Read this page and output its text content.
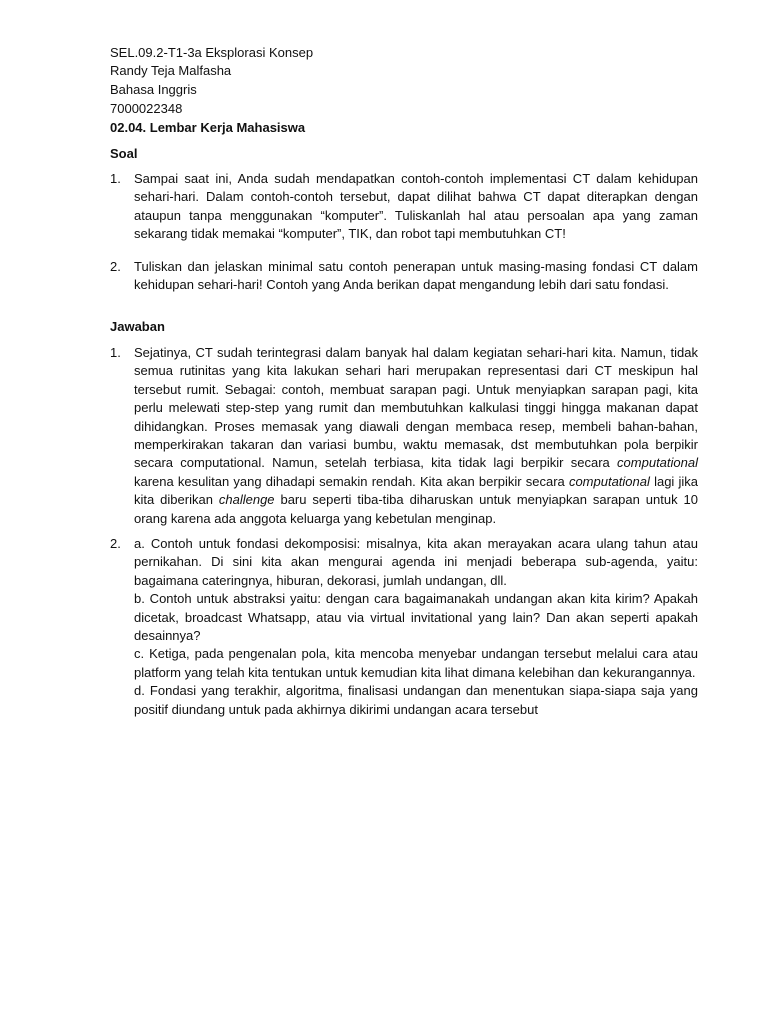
SEL.09.2-T1-3a Eksplorasi Konsep
Randy Teja Malfasha
Bahasa Inggris
7000022348
02.04. Lembar Kerja Mahasiswa
Soal
1.	Sampai saat ini, Anda sudah mendapatkan contoh-contoh implementasi CT dalam kehidupan sehari-hari. Dalam contoh-contoh tersebut, dapat dilihat bahwa CT dapat diterapkan dengan ataupun tanpa menggunakan “komputer”. Tuliskanlah hal atau persoalan apa yang zaman sekarang tidak memakai “komputer”, TIK, dan robot tapi membutuhkan CT!

2.	Tuliskan dan jelaskan minimal satu contoh penerapan untuk masing-masing fondasi CT dalam kehidupan sehari-hari! Contoh yang Anda berikan dapat mengandung lebih dari satu fondasi.

Jawaban
1.	Sejatinya, CT sudah terintegrasi dalam banyak hal dalam kegiatan sehari-hari kita. Namun, tidak semua rutinitas yang kita lakukan sehari hari merupakan representasi dari CT meskipun hal tersebut rumit. Sebagai: contoh, membuat sarapan pagi. Untuk menyiapkan sarapan pagi, kita perlu melewati step-step yang rumit dan membutuhkan kalkulasi tinggi hingga makanan dapat dihidangkan. Proses memasak yang diawali dengan membaca resep, membeli bahan-bahan, memperkirakan takaran dan variasi bumbu, waktu memasak, dst membutuhkan pola berpikir secara computational. Namun, setelah terbiasa, kita tidak lagi berpikir secara computational karena kesulitan yang dihadapi semakin rendah. Kita akan berpikir secara computational lagi jika kita diberikan challenge baru seperti tiba-tiba diharuskan untuk menyiapkan sarapan untuk 10 orang karena ada anggota keluarga yang kebetulan menginap.

2.	a. Contoh untuk fondasi dekomposisi: misalnya, kita akan merayakan acara ulang tahun atau pernikahan. Di sini kita akan mengurai agenda ini menjadi beberapa sub-agenda, yaitu: bagaimana cateringnya, hiburan, dekorasi, jumlah undangan, dll.

b. Contoh untuk abstraksi yaitu: dengan cara bagaimanakah undangan akan kita kirim? Apakah dicetak, broadcast Whatsapp, atau via virtual invitational yang lain? Dan akan seperti apakah desainnya?

c. Ketiga, pada pengenalan pola, kita mencoba menyebar undangan tersebut melalui cara atau platform yang telah kita tentukan untuk kemudian kita lihat dimana kelebihan dan kekurangannya.

d. Fondasi yang terakhir, algoritma, finalisasi undangan dan menentukan siapa-siapa saja yang positif diundang untuk pada akhirnya dikirimi undangan acara tersebut
